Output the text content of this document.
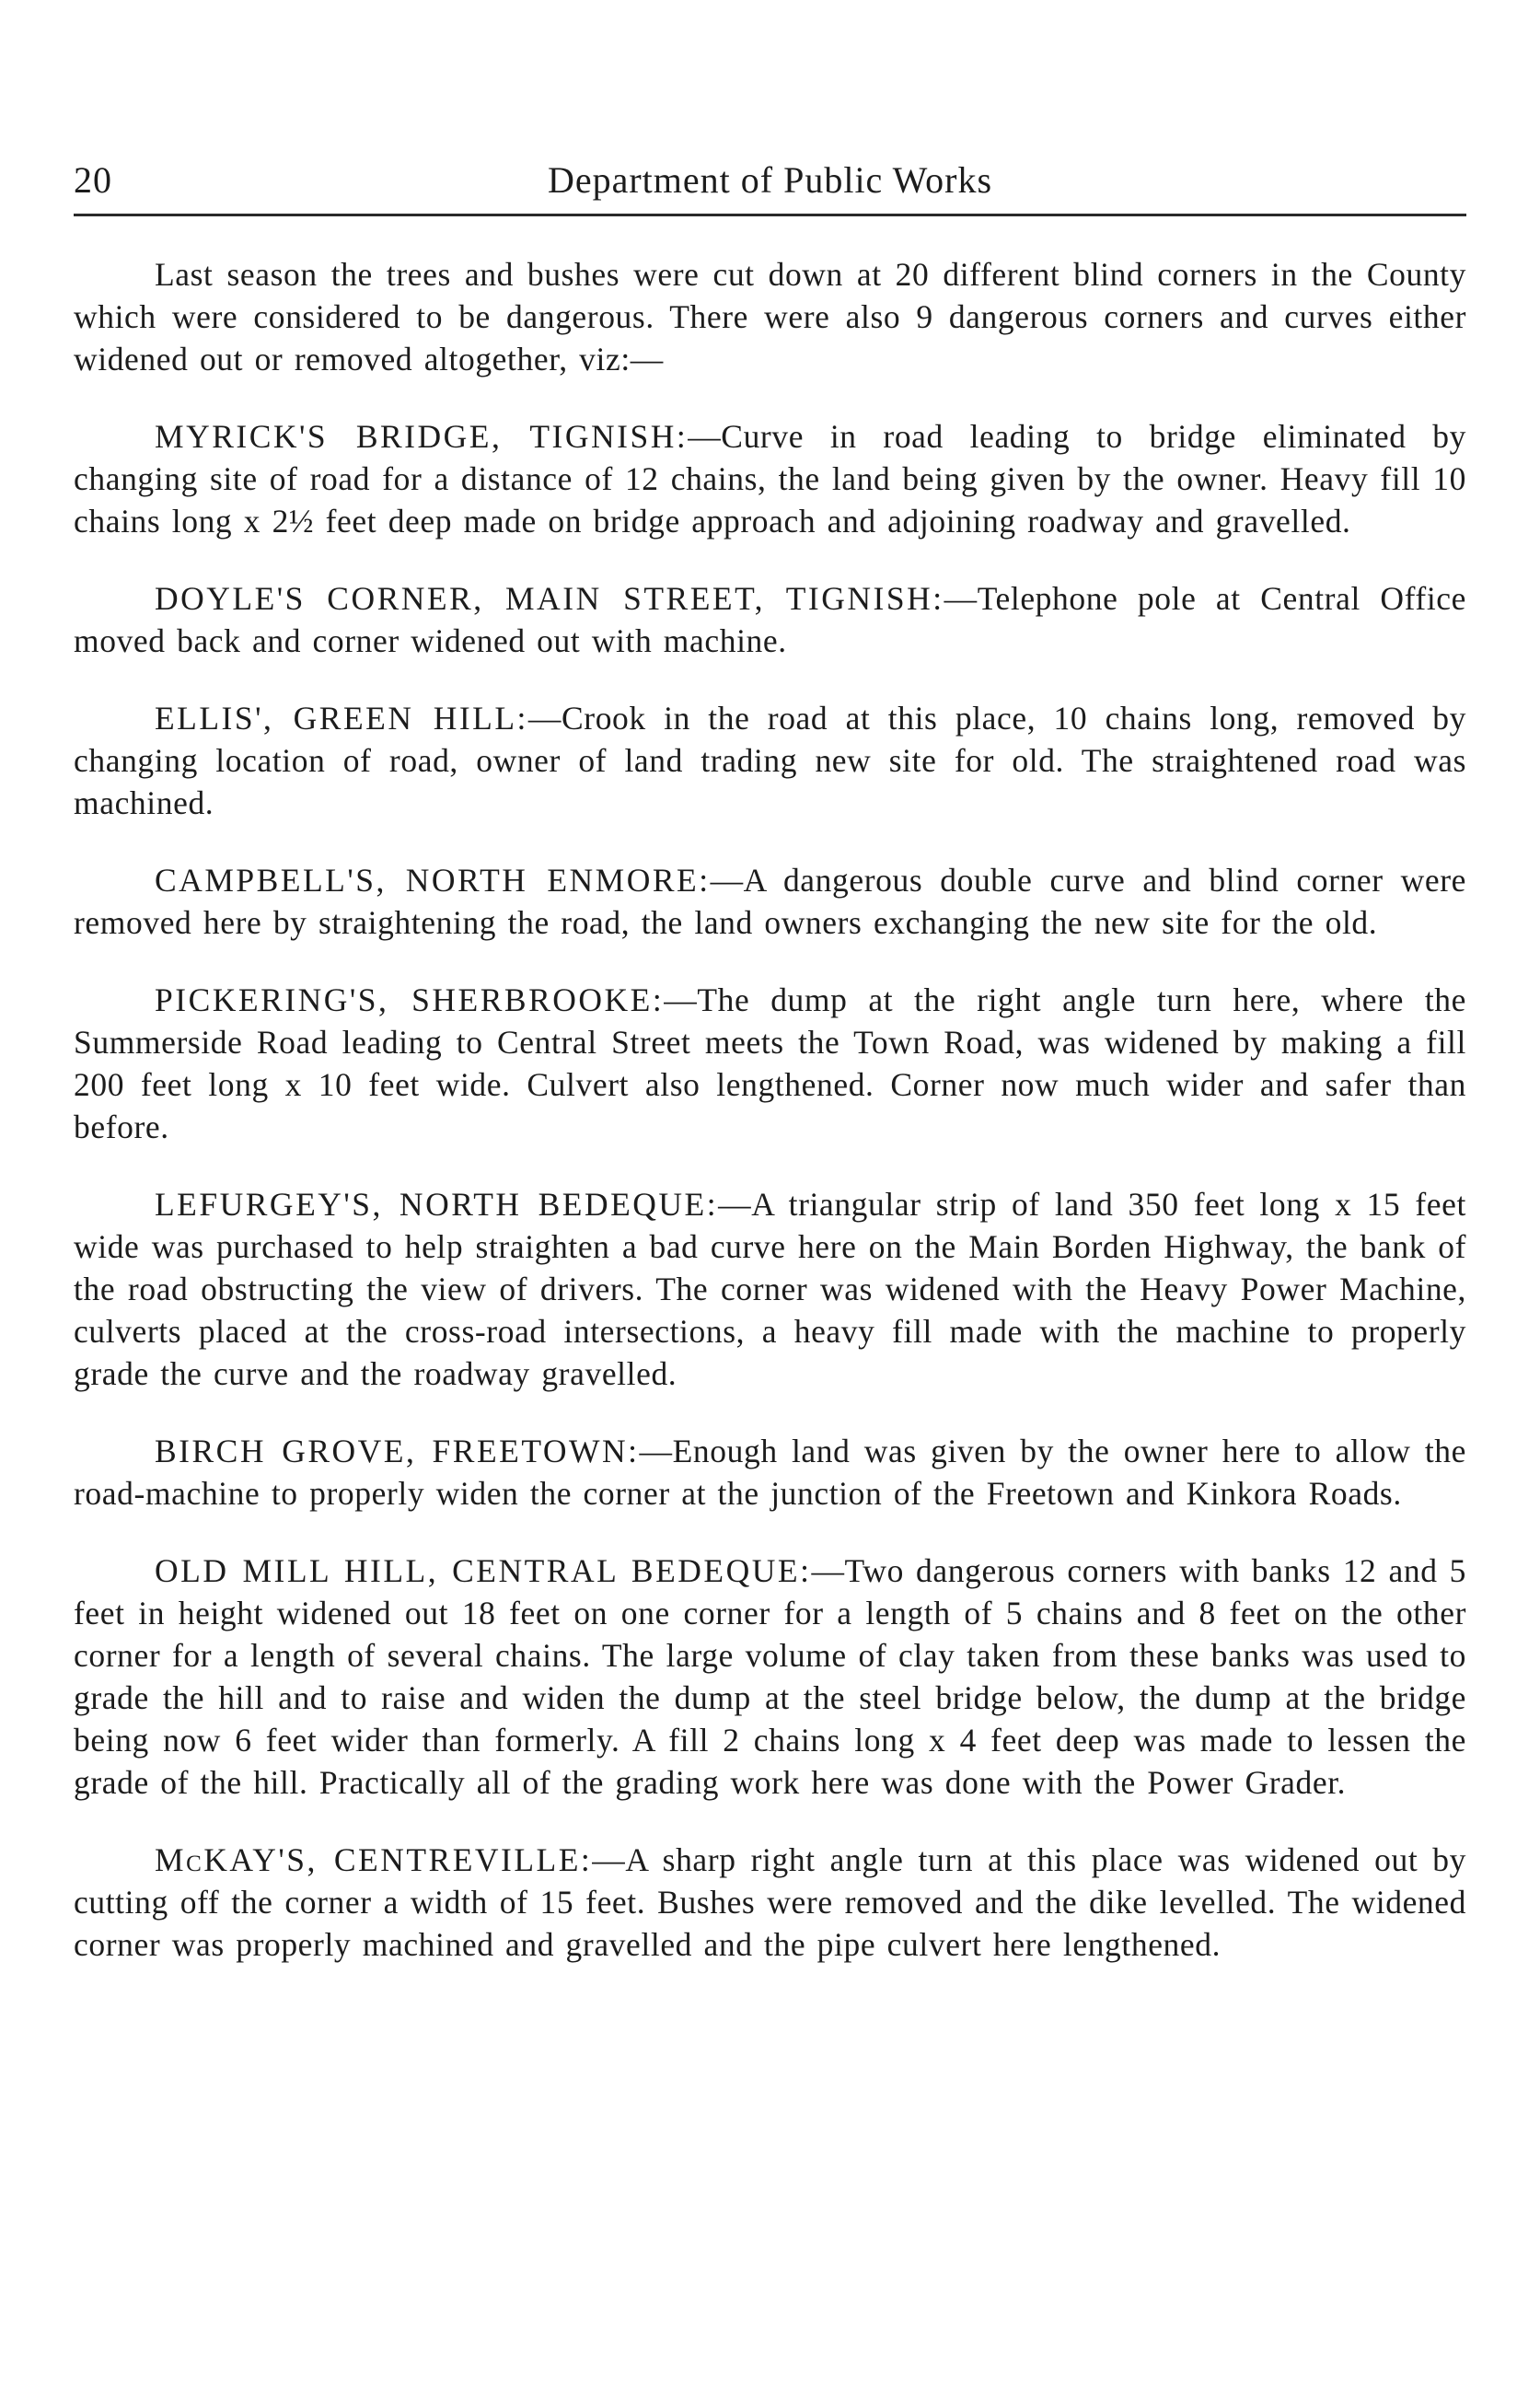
20	Department of Public Works

Last season the trees and bushes were cut down at 20 different blind corners in the County which were considered to be dangerous. There were also 9 dangerous corners and curves either widened out or removed altogether, viz:—

MYRICK'S BRIDGE, TIGNISH:—Curve in road leading to bridge eliminated by changing site of road for a distance of 12 chains, the land being given by the owner. Heavy fill 10 chains long x 2½ feet deep made on bridge approach and adjoining roadway and gravelled.

DOYLE'S CORNER, MAIN STREET, TIGNISH:—Telephone pole at Central Office moved back and corner widened out with machine.

ELLIS', GREEN HILL:—Crook in the road at this place, 10 chains long, removed by changing location of road, owner of land trading new site for old. The straightened road was machined.

CAMPBELL'S, NORTH ENMORE:—A dangerous double curve and blind corner were removed here by straightening the road, the land owners exchanging the new site for the old.

PICKERING'S, SHERBROOKE:—The dump at the right angle turn here, where the Summerside Road leading to Central Street meets the Town Road, was widened by making a fill 200 feet long x 10 feet wide. Culvert also lengthened. Corner now much wider and safer than before.

LEFURGEY'S, NORTH BEDEQUE:—A triangular strip of land 350 feet long x 15 feet wide was purchased to help straighten a bad curve here on the Main Borden Highway, the bank of the road obstructing the view of drivers. The corner was widened with the Heavy Power Machine, culverts placed at the cross-road intersections, a heavy fill made with the machine to properly grade the curve and the roadway gravelled.

BIRCH GROVE, FREETOWN:—Enough land was given by the owner here to allow the road-machine to properly widen the corner at the junction of the Freetown and Kinkora Roads.

OLD MILL HILL, CENTRAL BEDEQUE:—Two dangerous corners with banks 12 and 5 feet in height widened out 18 feet on one corner for a length of 5 chains and 8 feet on the other corner for a length of several chains. The large volume of clay taken from these banks was used to grade the hill and to raise and widen the dump at the steel bridge below, the dump at the bridge being now 6 feet wider than formerly. A fill 2 chains long x 4 feet deep was made to lessen the grade of the hill. Practically all of the grading work here was done with the Power Grader.

McKAY'S, CENTREVILLE:—A sharp right angle turn at this place was widened out by cutting off the corner a width of 15 feet. Bushes were removed and the dike levelled. The widened corner was properly machined and gravelled and the pipe culvert here lengthened.
